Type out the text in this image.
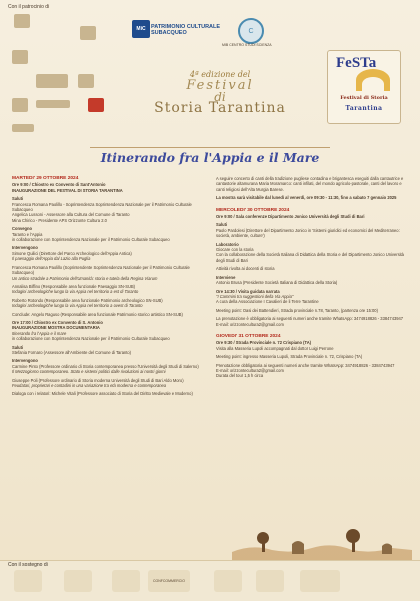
Con il patrocinio di
MiC PATRIMONIO CULTURALE SUBACQUEO	C
MIB CENTRO STUDI SCIENZA
4ª edizione del
Festival
di
Storia Tarantina
FeSTa
Festival di Storia
Tarantina
Itinerando fra l'Appia e il Mare

MARTEDI' 29 OTTOBRE 2024

Ore 9:00 / Chiostro ex Convento di Sant'Antonio

INAUGURAZIONE DEL FESTIVAL DI STORIA TARANTINA

Saluti

Francesca Romana Paolillo - Soprintendenza Soprintendenza Nazionale per il Patrimonio Culturale Subacqueo

Angelica Lussoni - Assessore alla Cultura del Comune di Taranto

Mina Chirico - Presidente APS Orizzonte Cultura 2.0

Convegno

Taranto e l'Appia

in collaborazione con Soprintendenza Nazionale per il Patrimonio Culturale Subacqueo

Intervengono

Simone Quilici (Direttore del Parco Archeologico dell'Appia Antica)

Il paesaggio dell'Appia dal Lazio alla Puglia

Francesca Romana Paolillo (Soprintendente Soprintendenza Nazionale per il Patrimonio Culturale Subacqueo)

Un antico stradale a Patrimonio dell'Umanità: storia e tutela della Regina Viarum

Annalisa Biffino (Responsabile area funzionale Paesaggio SN-SUB)

Indagini archeologiche lungo la via Appia nel territorio a est di Taranto

Roberto Rotondo (Responsabile area funzionale Patrimonio archeologico SN-SUB)

Indagini archeologiche lungo la via Appia nel territorio a ovest di Taranto

Conclude: Angelo Raguso (Responsabile area funzionale Patrimonio storico artistico SN-SUB)

Ore 17:00 / Chiostro ex Convento di S. Antonio

INAUGURAZIONE MOSTRA DOCUMENTARIA

Itinerando fra l'Appia e il mare

in collaborazione con Soprintendenza Nazionale per il Patrimonio Culturale Subacqueo

Saluti

Stefania Fornaro (Assessore all'Ambiente del Comune di Taranto)

Intervengono

Carmine Pinto (Professore ordinario di Storia contemporanea presso l'Università degli Studi di Salerno)

Il Mezzogiorno contemporaneo. Stato e sistemi politici dalle rivoluzioni ai nostri giorni

Giuseppe Poli (Professore ordinario di Storia moderna Università degli Studi di Bari Aldo Moro)

Feudatari, proprietari e contadini in una variazione tra età moderna e contemporanea

Dialoga con i relatori: Michele Vitali (Professore associato di Storia del Diritto Medievale e Moderno)

A seguire concerto di canti della tradizione pugliese contadina e brigantesca eseguiti dalla cantautrice e cantastorie altamurana Maria Moramarco: canti infilati, del mondo agricolo-pastorale, canti del lavoro e canti religiosi dell'Alta Murgia Barese.

La mostra sarà visitabile dal lunedì al venerdì, ore 09:30 - 11:30, fino a sabato 7 gennaio 2025

MERCOLEDI' 30 OTTOBRE 2024

Ore 9:00 / Sala conferenze Dipartimento Jonico Università degli Studi di Bari

Saluti

Paolo Pardolesi (Direttore del Dipartimento Jonico in 'Sistemi giuridici ed economici del Mediterraneo: società, ambiente, culture')

Laboratorio

Giocare con la storia

Con la collaborazione della Società Italiana di Didattica della Storia e del Dipartimento Jonico Università degli Studi di Bari

Attività rivolta ai docenti di storia

Interviene

Antonio Brusa (Presidente Società Italiana di Didattica della Storia)

Ore 14:30 / Visita guidata narrata

"I Cammini tra suggestioni della Via Appia"

A cura della Associazione I Cavalieri de li Terre Tarantine

Meeting point: Oasi dei Battendieri, Strada provinciale n.78, Taranto, (partenza ore 15:00)

La prenotazione è obbligatoria ai seguenti numeri anche tramite WhatsApp: 3474918826 - 3384743947

E-mail: orizzontecultura2@gmail.com

GIOVEDI' 31 OTTOBRE 2024

Ore 9:30 / Strada Provinciale n. 72 Crispiano (TA)

Visita alla Masseria Lupoli accompagnati dal dottor Luigi Perrone

Meeting point: ingresso Masseria Lupoli, Strada Provinciale n. 72, Crispiano (TA)

Prenotazione obbligatoria ai seguenti numeri anche tramite WhatsApp: 3474918826 - 3384743947

E-mail: orizzontecultura2@gmail.com

Durata del tour 1,5 h circa

Con il sostegno di
CONFCOMMERCIO
